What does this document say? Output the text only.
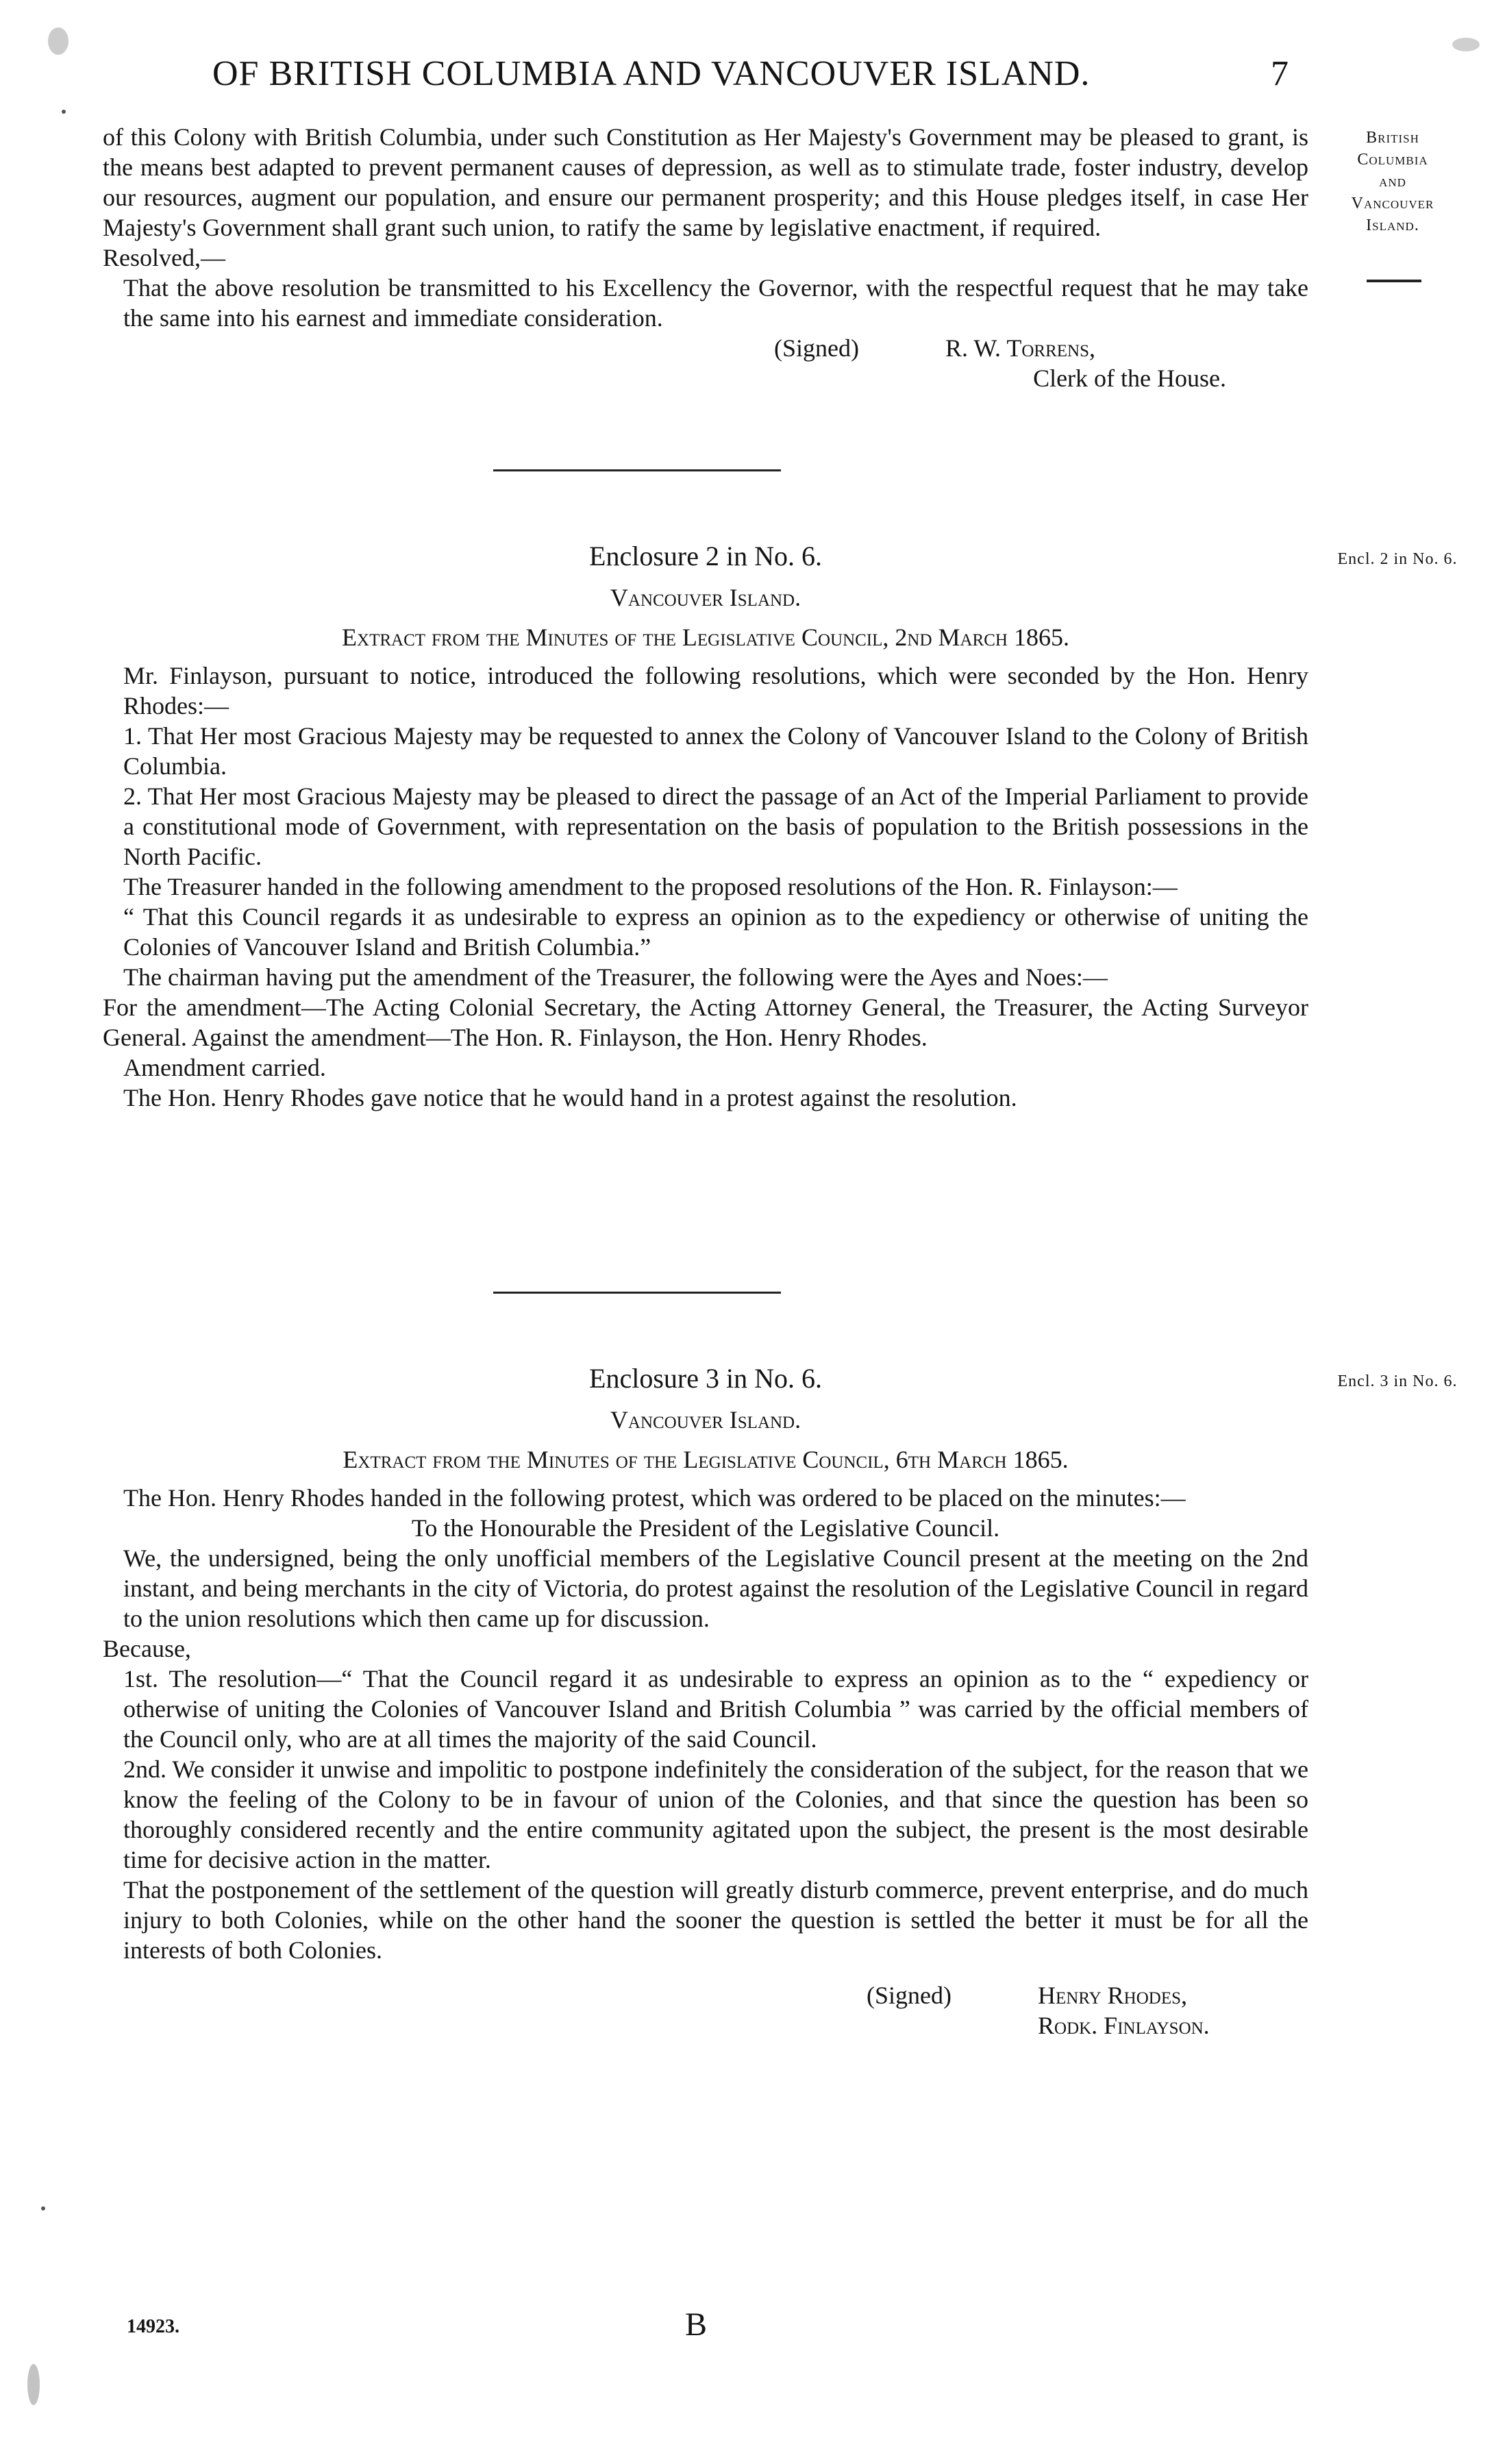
OF BRITISH COLUMBIA AND VANCOUVER ISLAND.	7

of this Colony with British Columbia, under such Constitution as Her Majesty's Government may be pleased to grant, is the means best adapted to prevent permanent causes of depression, as well as to stimulate trade, foster industry, develop our resources, augment our population, and ensure our permanent prosperity; and this House pledges itself, in case Her Majesty's Government shall grant such union, to ratify the same by legislative enactment, if required.

Resolved,—

That the above resolution be transmitted to his Excellency the Governor, with the respectful request that he may take the same into his earnest and immediate consideration.

(Signed)	R. W. Torrens,

Clerk of the House.

British
Columbia
and
Vancouver
Island.

Enclosure 2 in No. 6.

Vancouver Island.

Extract from the Minutes of the Legislative Council, 2nd March 1865.

Mr. Finlayson, pursuant to notice, introduced the following resolutions, which were seconded by the Hon. Henry Rhodes:—

1. That Her most Gracious Majesty may be requested to annex the Colony of Vancouver Island to the Colony of British Columbia.

2. That Her most Gracious Majesty may be pleased to direct the passage of an Act of the Imperial Parliament to provide a constitutional mode of Government, with representation on the basis of population to the British possessions in the North Pacific.

The Treasurer handed in the following amendment to the proposed resolutions of the Hon. R. Finlayson:—

“ That this Council regards it as undesirable to express an opinion as to the expediency or otherwise of uniting the Colonies of Vancouver Island and British Columbia.”

The chairman having put the amendment of the Treasurer, the following were the Ayes and Noes:—

For the amendment—The Acting Colonial Secretary, the Acting Attorney General, the Treasurer, the Acting Surveyor General. Against the amendment—The Hon. R. Finlayson, the Hon. Henry Rhodes.

Amendment carried.

The Hon. Henry Rhodes gave notice that he would hand in a protest against the resolution.

Encl. 2 in No. 6.

Enclosure 3 in No. 6.

Vancouver Island.

Extract from the Minutes of the Legislative Council, 6th March 1865.

The Hon. Henry Rhodes handed in the following protest, which was ordered to be placed on the minutes:—

To the Honourable the President of the Legislative Council.

We, the undersigned, being the only unofficial members of the Legislative Council present at the meeting on the 2nd instant, and being merchants in the city of Victoria, do protest against the resolution of the Legislative Council in regard to the union resolutions which then came up for discussion.

Because,

1st. The resolution—“ That the Council regard it as undesirable to express an opinion as to the “ expediency or otherwise of uniting the Colonies of Vancouver Island and British Columbia ” was carried by the official members of the Council only, who are at all times the majority of the said Council.

2nd. We consider it unwise and impolitic to postpone indefinitely the consideration of the subject, for the reason that we know the feeling of the Colony to be in favour of union of the Colonies, and that since the question has been so thoroughly considered recently and the entire community agitated upon the subject, the present is the most desirable time for decisive action in the matter.

That the postponement of the settlement of the question will greatly disturb commerce, prevent enterprise, and do much injury to both Colonies, while on the other hand the sooner the question is settled the better it must be for all the interests of both Colonies.

(Signed)	Henry Rhodes,
Rodk. Finlayson.
Encl. 3 in No. 6.
14923.	B
